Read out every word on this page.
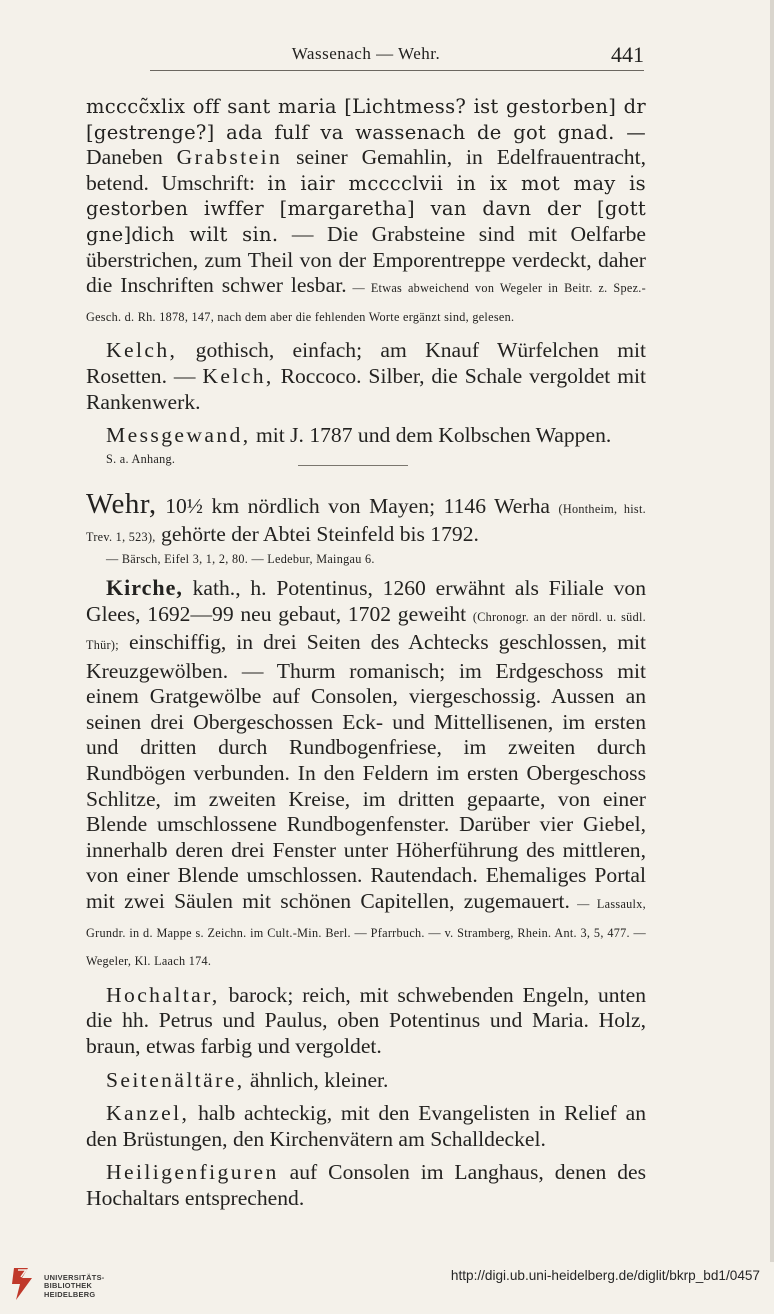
Wassenach — Wehr.	441

mcccc̃xlix off sant maria [Lichtmess? ist gestorben] dr [gestrenge?] ada fulf va wassenach de got gnad. — Daneben Grabstein seiner Gemahlin, in Edelfrauentracht, betend. Umschrift: in iair mcccclvii in ix mot may is gestorben iwffer [margaretha] van davn der [gott gne]dich wilt sin. — Die Grabsteine sind mit Oelfarbe überstrichen, zum Theil von der Emporentreppe verdeckt, daher die Inschriften schwer lesbar. — Etwas abweichend von Wegeler in Beitr. z. Spez.-Gesch. d. Rh. 1878, 147, nach dem aber die fehlenden Worte ergänzt sind, gelesen.

Kelch, gothisch, einfach; am Knauf Würfelchen mit Rosetten. — Kelch, Roccoco. Silber, die Schale vergoldet mit Rankenwerk.

Messgewand, mit J. 1787 und dem Kolbschen Wappen.

S. a. Anhang.

Wehr, 10½ km nördlich von Mayen; 1146 Werha (Hontheim, hist. Trev. 1, 523), gehörte der Abtei Steinfeld bis 1792.

— Bärsch, Eifel 3, 1, 2, 80. — Ledebur, Maingau 6.

Kirche, kath., h. Potentinus, 1260 erwähnt als Filiale von Glees, 1692—99 neu gebaut, 1702 geweiht (Chronogr. an der nördl. u. südl. Thür); einschiffig, in drei Seiten des Achtecks geschlossen, mit Kreuzgewölben. — Thurm romanisch; im Erdgeschoss mit einem Gratgewölbe auf Consolen, viergeschossig. Aussen an seinen drei Obergeschossen Eck- und Mittellisenen, im ersten und dritten durch Rundbogenfriese, im zweiten durch Rundbögen verbunden. In den Feldern im ersten Obergeschoss Schlitze, im zweiten Kreise, im dritten gepaarte, von einer Blende umschlossene Rundbogenfenster. Darüber vier Giebel, innerhalb deren drei Fenster unter Höherführung des mittleren, von einer Blende umschlossen. Rautendach. Ehemaliges Portal mit zwei Säulen mit schönen Capitellen, zugemauert. — Lassaulx, Grundr. in d. Mappe s. Zeichn. im Cult.-Min. Berl. — Pfarrbuch. — v. Stramberg, Rhein. Ant. 3, 5, 477. — Wegeler, Kl. Laach 174.

Hochaltar, barock; reich, mit schwebenden Engeln, unten die hh. Petrus und Paulus, oben Potentinus und Maria. Holz, braun, etwas farbig und vergoldet.

Seitenältäre, ähnlich, kleiner.

Kanzel, halb achteckig, mit den Evangelisten in Relief an den Brüstungen, den Kirchenvätern am Schalldeckel.

Heiligenfiguren auf Consolen im Langhaus, denen des Hochaltars entsprechend.

UNIVERSITÄTS-
BIBLIOTHEK
HEIDELBERG
http://digi.ub.uni-heidelberg.de/diglit/bkrp_bd1/0457
